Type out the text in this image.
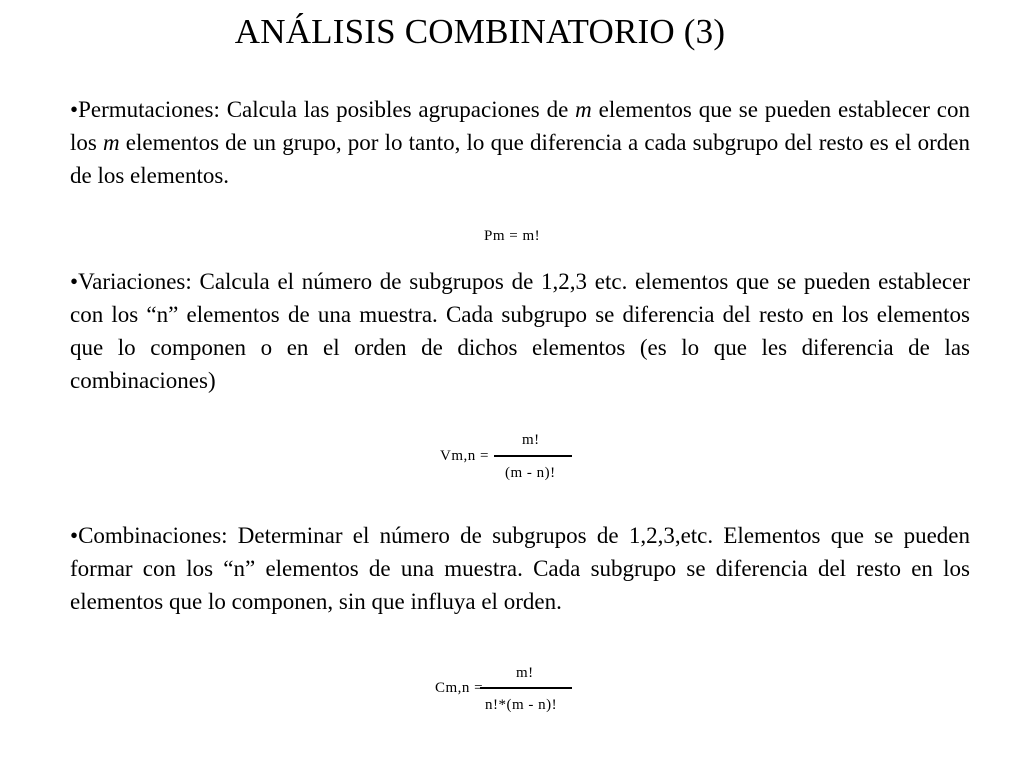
ANÁLISIS COMBINATORIO (3)

•Permutaciones: Calcula las posibles agrupaciones de m elementos que se pueden establecer con los m elementos de un grupo, por lo tanto, lo que diferencia a cada subgrupo del resto es el orden de los elementos.

Pm = m!

•Variaciones: Calcula el número de subgrupos de 1,2,3 etc. elementos que se pueden establecer con los “n” elementos de una muestra. Cada subgrupo se diferencia del resto en los elementos que lo componen o en el orden de dichos elementos (es lo que les diferencia de las combinaciones)

Vm,n =
m!
(m - n)!

•Combinaciones: Determinar el número de subgrupos de 1,2,3,etc. Elementos que se pueden formar con los “n” elementos de una muestra. Cada subgrupo se diferencia del resto en los elementos que lo componen, sin que influya el orden.

Cm,n =
m!
n!*(m - n)!
